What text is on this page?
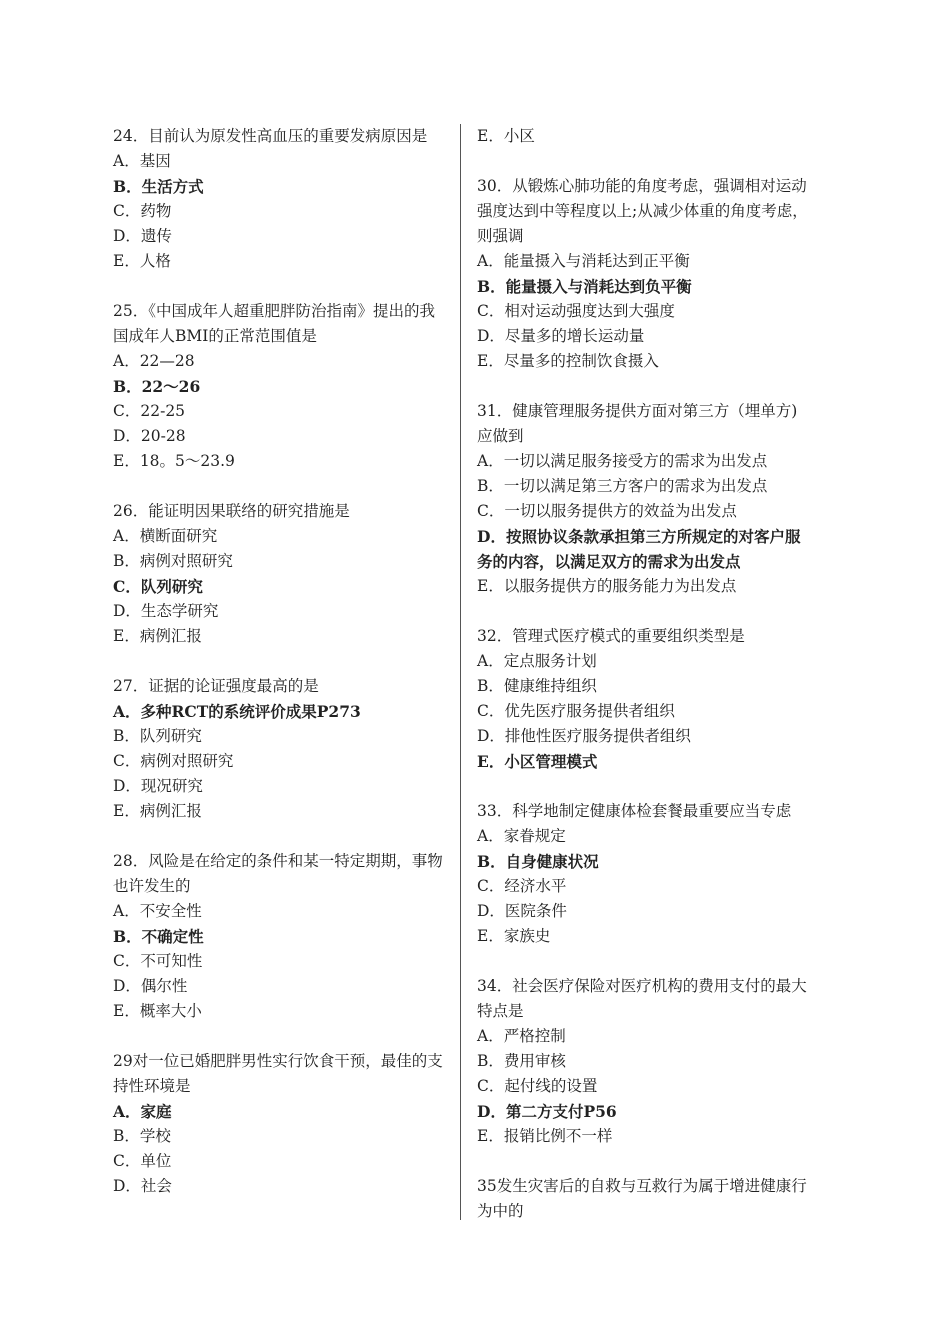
24．目前认为原发性高血压的重要发病原因是

A．基因

B．生活方式

C．药物

D．遗传

E．人格

25．《中国成年人超重肥胖防治指南》提出的我国成年人BMI的正常范围值是

A．22—28

B．22～26

C．22-25

D．20-28

E．18。5～23.9

26．能证明因果联络的研究措施是

A．横断面研究

B．病例对照研究

C．队列研究

D．生态学研究

E．病例汇报

27．证据的论证强度最高的是

A．多种RCT的系统评价成果P273

B．队列研究

C．病例对照研究

D．现况研究

E．病例汇报

28．风险是在给定的条件和某一特定期期，事物也许发生的

A．不安全性

B．不确定性

C．不可知性

D．偶尔性

E．概率大小

29对一位已婚肥胖男性实行饮食干预，最佳的支持性环境是

A．家庭

B．学校

C．单位

D．社会

E．小区

30．从锻炼心肺功能的角度考虑，强调相对运动强度达到中等程度以上;从减少体重的角度考虑，则强调

A．能量摄入与消耗达到正平衡

B．能量摄入与消耗达到负平衡

C．相对运动强度达到大强度

D．尽量多的增长运动量

E．尽量多的控制饮食摄入

31．健康管理服务提供方面对第三方（埋单方)应做到

A．一切以满足服务接受方的需求为出发点

B．一切以满足第三方客户的需求为出发点

C．一切以服务提供方的效益为出发点

D．按照协议条款承担第三方所规定的对客户服务的内容，以满足双方的需求为出发点

E．以服务提供方的服务能力为出发点

32．管理式医疗模式的重要组织类型是

A．定点服务计划

B．健康维持组织

C．优先医疗服务提供者组织

D．排他性医疗服务提供者组织

E．小区管理模式

33．科学地制定健康体检套餐最重要应当专虑

A．家眷规定

B．自身健康状况

C．经济水平

D．医院条件

E．家族史

34．社会医疗保险对医疗机构的费用支付的最大特点是

A．严格控制

B．费用审核

C．起付线的设置

D．第二方支付P56

E．报销比例不一样

35发生灾害后的自救与互救行为属于增进健康行为中的
